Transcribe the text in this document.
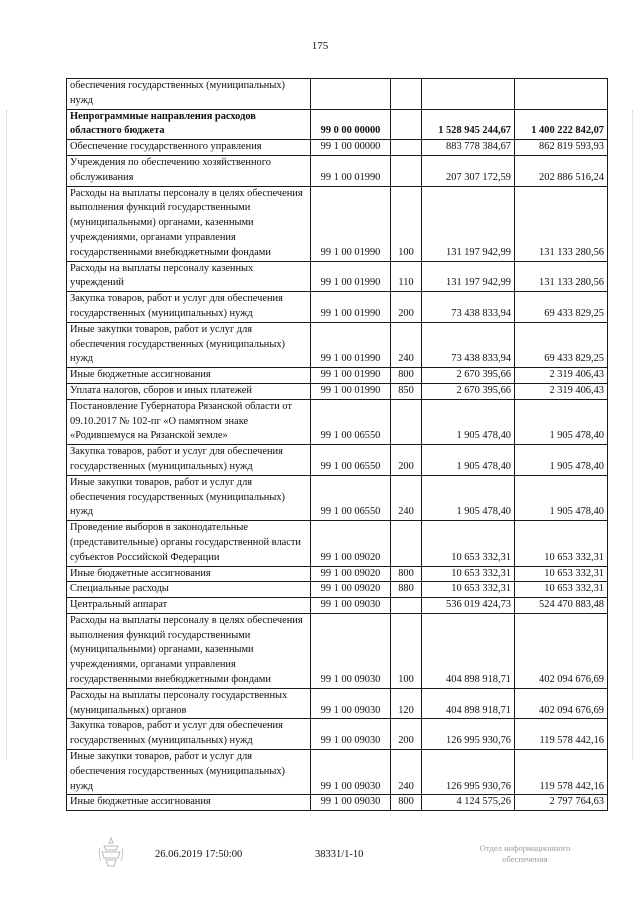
175
обеспечения государственных (муниципальных) нужд				
Непрограммные направления расходов областного бюджета	99 0 00 00000		1 528 945 244,67	1 400 222 842,07
Обеспечение государственного управления	99 1 00 00000		883 778 384,67	862 819 593,93
Учреждения по обеспечению хозяйственного обслуживания	99 1 00 01990		207 307 172,59	202 886 516,24
Расходы на выплаты персоналу в целях обеспечения выполнения функций государственными (муниципальными) органами, казенными учреждениями, органами управления государственными внебюджетными фондами	99 1 00 01990	100	131 197 942,99	131 133 280,56
Расходы на выплаты персоналу казенных учреждений	99 1 00 01990	110	131 197 942,99	131 133 280,56
Закупка товаров, работ и услуг для обеспечения государственных (муниципальных) нужд	99 1 00 01990	200	73 438 833,94	69 433 829,25
Иные закупки товаров, работ и услуг для обеспечения государственных (муниципальных) нужд	99 1 00 01990	240	73 438 833,94	69 433 829,25
Иные бюджетные ассигнования	99 1 00 01990	800	2 670 395,66	2 319 406,43
Уплата налогов, сборов и иных платежей	99 1 00 01990	850	2 670 395,66	2 319 406,43
Постановление Губернатора Рязанской области от 09.10.2017 № 102-пг «О памятном знаке «Родившемуся на Рязанской земле»	99 1 00 06550		1 905 478,40	1 905 478,40
Закупка товаров, работ и услуг для обеспечения государственных (муниципальных) нужд	99 1 00 06550	200	1 905 478,40	1 905 478,40
Иные закупки товаров, работ и услуг для обеспечения государственных (муниципальных) нужд	99 1 00 06550	240	1 905 478,40	1 905 478,40
Проведение выборов в законодательные (представительные) органы государственной власти субъектов Российской Федерации	99 1 00 09020		10 653 332,31	10 653 332,31
Иные бюджетные ассигнования	99 1 00 09020	800	10 653 332,31	10 653 332,31
Специальные расходы	99 1 00 09020	880	10 653 332,31	10 653 332,31
Центральный аппарат	99 1 00 09030		536 019 424,73	524 470 883,48
Расходы на выплаты персоналу в целях обеспечения выполнения функций государственными (муниципальными) органами, казенными учреждениями, органами управления государственными внебюджетными фондами	99 1 00 09030	100	404 898 918,71	402 094 676,69
Расходы на выплаты персоналу государственных (муниципальных) органов	99 1 00 09030	120	404 898 918,71	402 094 676,69
Закупка товаров, работ и услуг для обеспечения государственных (муниципальных) нужд	99 1 00 09030	200	126 995 930,76	119 578 442,16
Иные закупки товаров, работ и услуг для обеспечения государственных (муниципальных) нужд	99 1 00 09030	240	126 995 930,76	119 578 442,16
Иные бюджетные ассигнования	99 1 00 09030	800	4 124 575,26	2 797 764,63
26.06.2019 17:50:00	38331/1-10
Отдел информационного
обеспечения
